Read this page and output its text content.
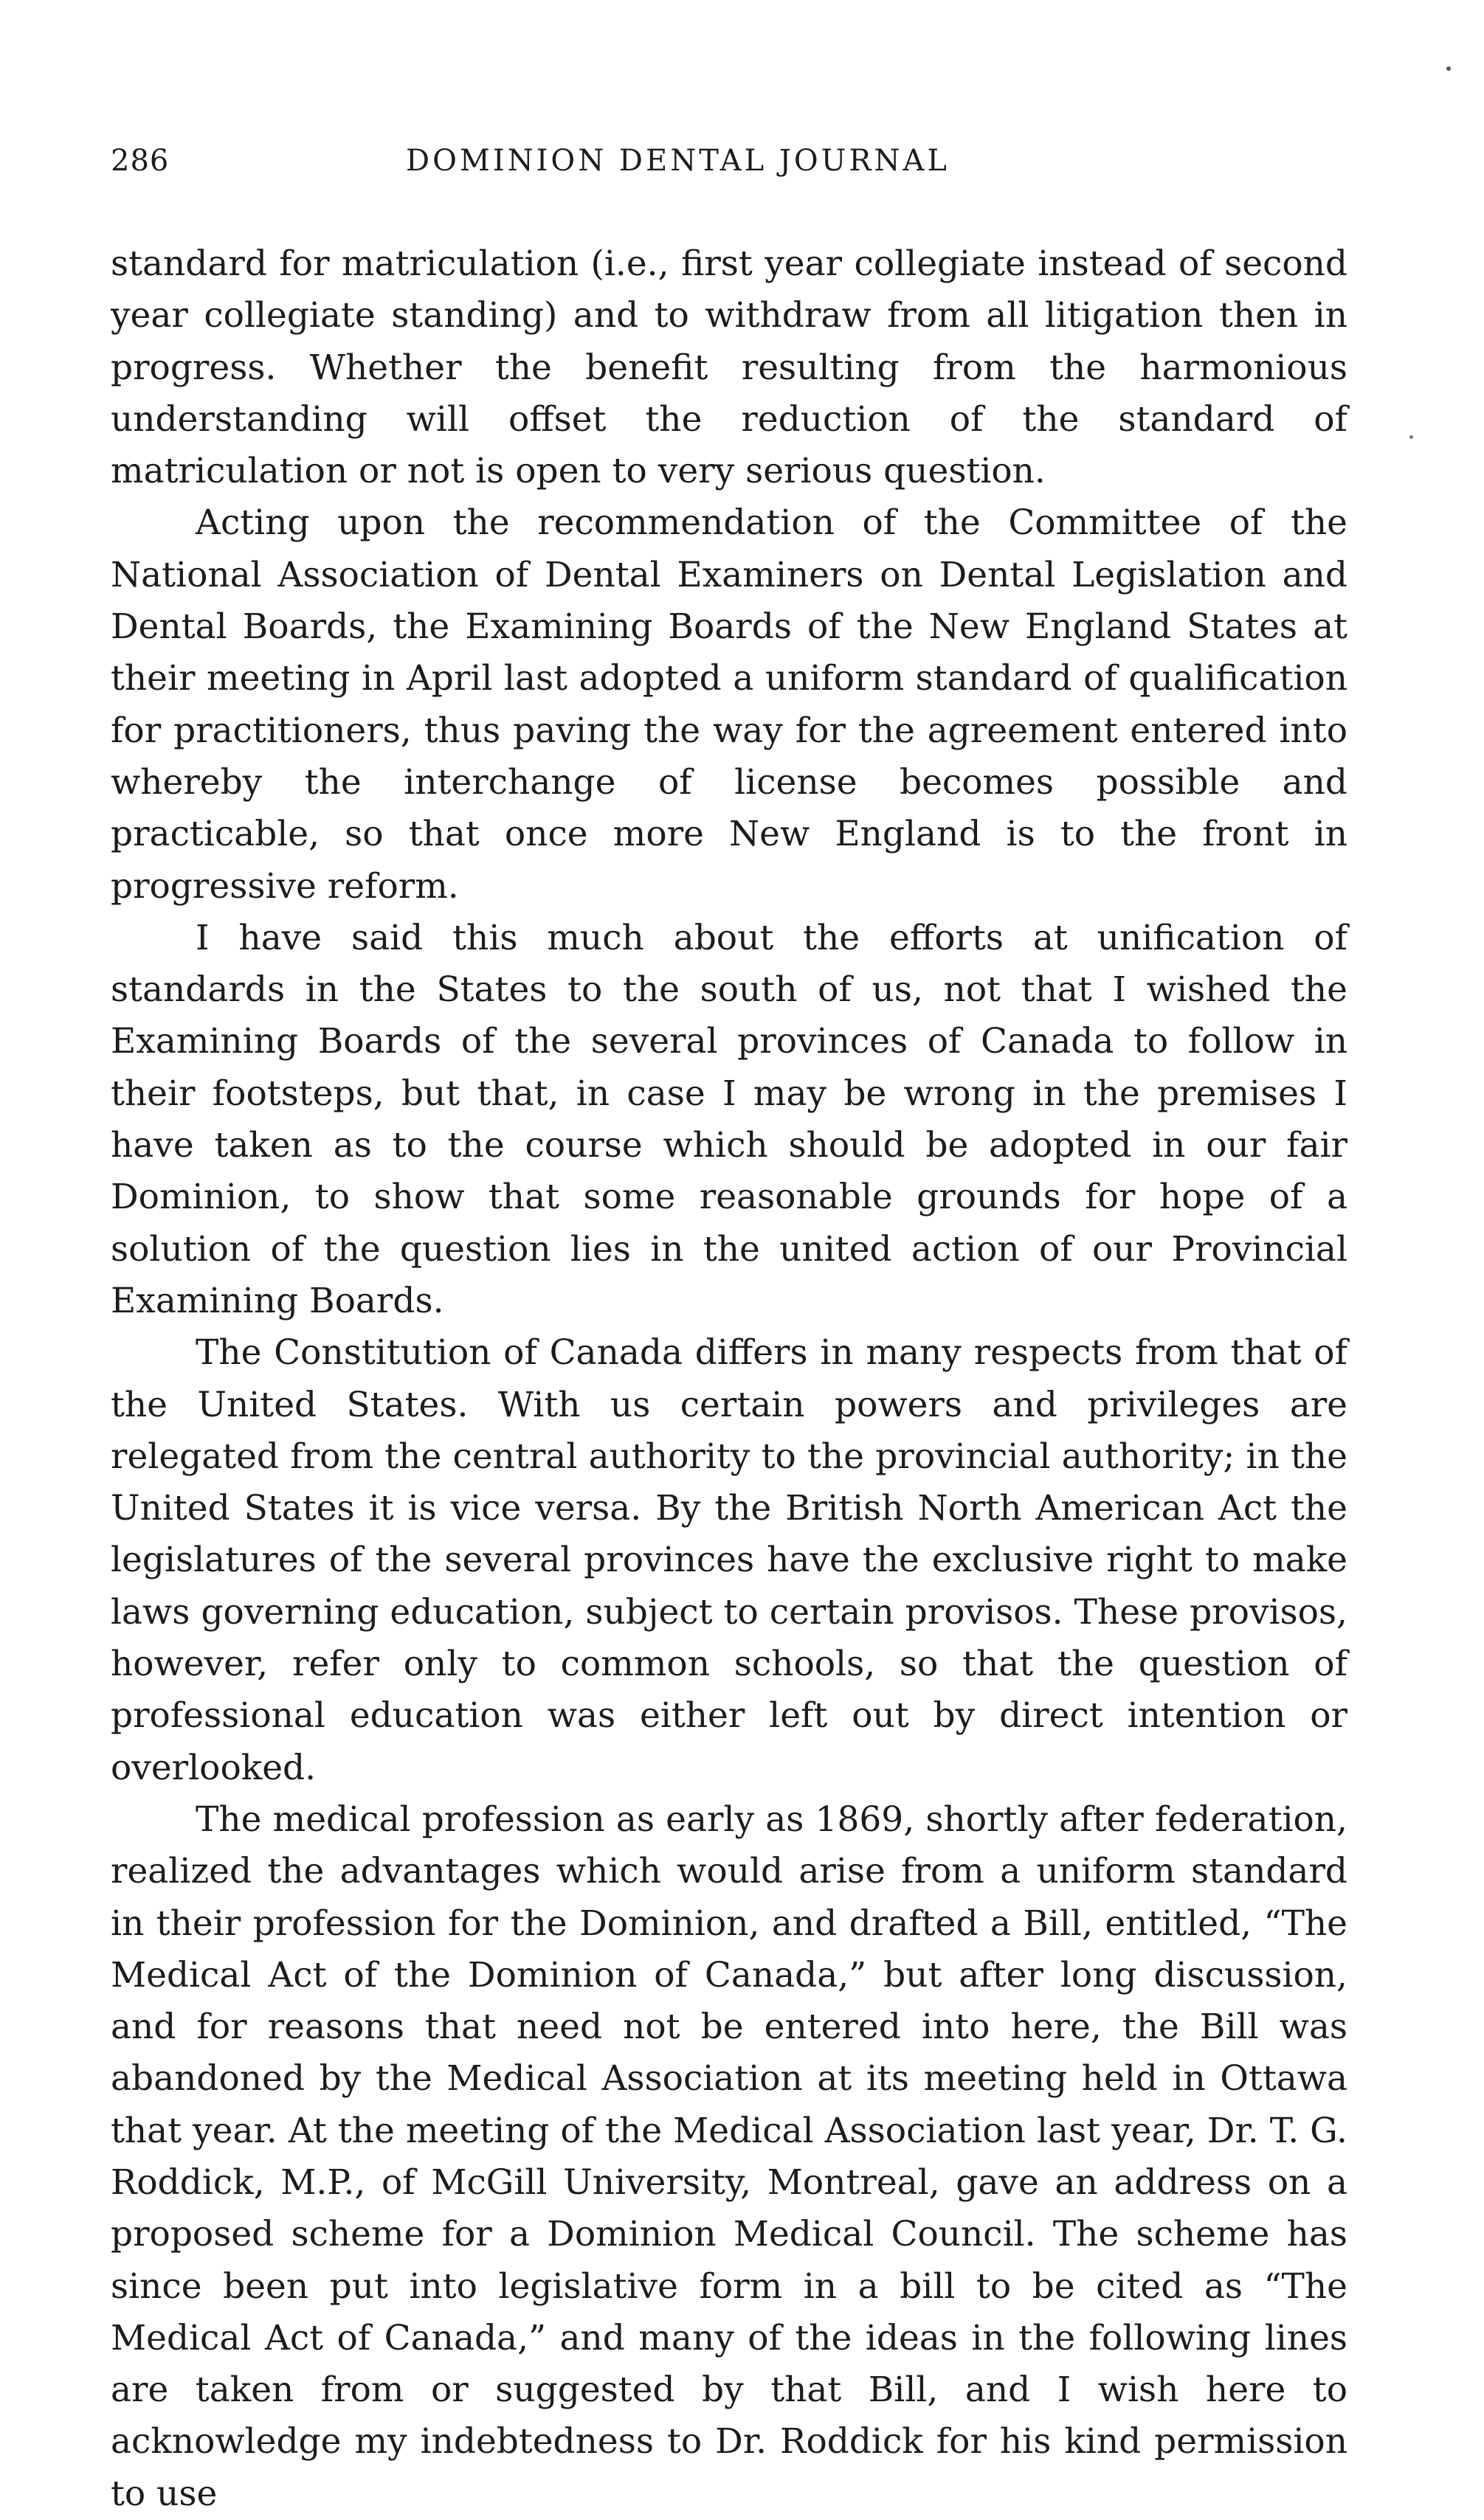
286	DOMINION DENTAL JOURNAL

standard for matriculation (i.e., first year collegiate instead of second year collegiate standing) and to withdraw from all litigation then in progress. Whether the benefit resulting from the harmonious understanding will offset the reduction of the standard of matriculation or not is open to very serious question.

Acting upon the recommendation of the Committee of the National Association of Dental Examiners on Dental Legislation and Dental Boards, the Examining Boards of the New England States at their meeting in April last adopted a uniform standard of qualification for practitioners, thus paving the way for the agreement entered into whereby the interchange of license becomes possible and practicable, so that once more New England is to the front in progressive reform.

I have said this much about the efforts at unification of standards in the States to the south of us, not that I wished the Examining Boards of the several provinces of Canada to follow in their footsteps, but that, in case I may be wrong in the premises I have taken as to the course which should be adopted in our fair Dominion, to show that some reasonable grounds for hope of a solution of the question lies in the united action of our Provincial Examining Boards.

The Constitution of Canada differs in many respects from that of the United States. With us certain powers and privileges are relegated from the central authority to the provincial authority; in the United States it is vice versa. By the British North American Act the legislatures of the several provinces have the exclusive right to make laws governing education, subject to certain provisos. These provisos, however, refer only to common schools, so that the question of professional education was either left out by direct intention or overlooked.

The medical profession as early as 1869, shortly after federation, realized the advantages which would arise from a uniform standard in their profession for the Dominion, and drafted a Bill, entitled, “The Medical Act of the Dominion of Canada,” but after long discussion, and for reasons that need not be entered into here, the Bill was abandoned by the Medical Association at its meeting held in Ottawa that year. At the meeting of the Medical Association last year, Dr. T. G. Roddick, M.P., of McGill University, Montreal, gave an address on a proposed scheme for a Dominion Medical Council. The scheme has since been put into legislative form in a bill to be cited as “The Medical Act of Canada,” and many of the ideas in the following lines are taken from or suggested by that Bill, and I wish here to acknowledge my indebtedness to Dr. Roddick for his kind permission to use
